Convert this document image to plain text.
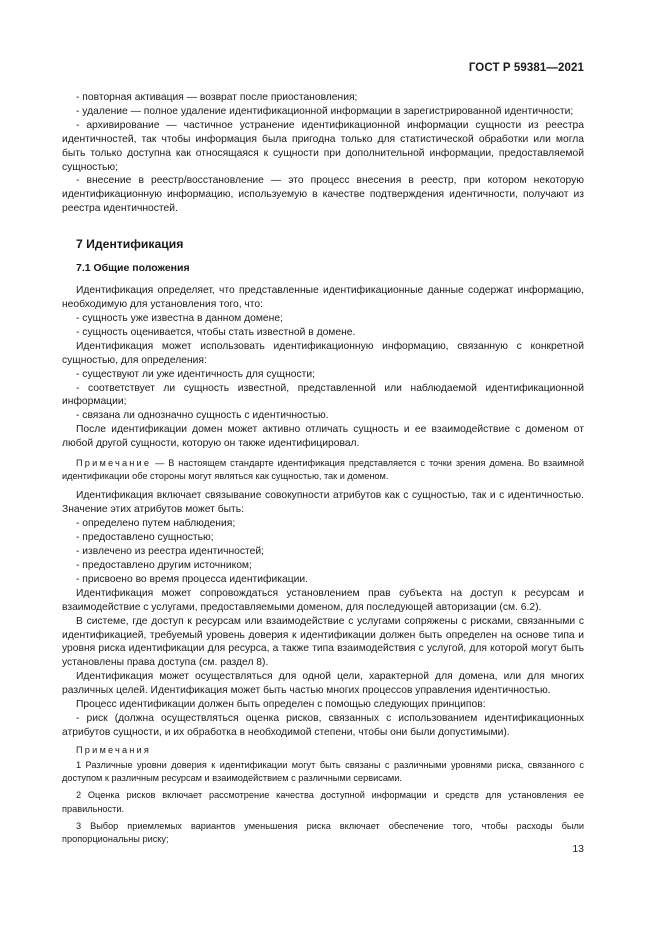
ГОСТ Р 59381—2021

- повторная активация — возврат после приостановления;

- удаление — полное удаление идентификационной информации в зарегистрированной идентичности;

- архивирование — частичное устранение идентификационной информации сущности из реестра идентичностей, так чтобы информация была пригодна только для статистической обработки или могла быть только доступна как относящаяся к сущности при дополнительной информации, предоставляемой сущностью;

- внесение в реестр/восстановление — это процесс внесения в реестр, при котором некоторую идентификационную информацию, используемую в качестве подтверждения идентичности, получают из реестра идентичностей.

7 Идентификация
7.1 Общие положения

Идентификация определяет, что представленные идентификационные данные содержат информацию, необходимую для установления того, что:

- сущность уже известна в данном домене;

- сущность оценивается, чтобы стать известной в домене.

Идентификация может использовать идентификационную информацию, связанную с конкретной сущностью, для определения:

- существуют ли уже идентичность для сущности;

- соответствует ли сущность известной, представленной или наблюдаемой идентификационной информации;

- связана ли однозначно сущность с идентичностью.

После идентификации домен может активно отличать сущность и ее взаимодействие с доменом от любой другой сущности, которую он также идентифицировал.

Примечание — В настоящем стандарте идентификация представляется с точки зрения домена. Во взаимной идентификации обе стороны могут являться как сущностью, так и доменом.

Идентификация включает связывание совокупности атрибутов как с сущностью, так и с идентичностью. Значение этих атрибутов может быть:

- определено путем наблюдения;

- предоставлено сущностью;

- извлечено из реестра идентичностей;

- предоставлено другим источником;

- присвоено во время процесса идентификации.

Идентификация может сопровождаться установлением прав субъекта на доступ к ресурсам и взаимодействие с услугами, предоставляемыми доменом, для последующей авторизации (см. 6.2).

В системе, где доступ к ресурсам или взаимодействие с услугами сопряжены с рисками, связанными с идентификацией, требуемый уровень доверия к идентификации должен быть определен на основе типа и уровня риска идентификации для ресурса, а также типа взаимодействия с услугой, для которой могут быть установлены права доступа (см. раздел 8).

Идентификация может осуществляться для одной цели, характерной для домена, или для многих различных целей. Идентификация может быть частью многих процессов управления идентичностью.

Процесс идентификации должен быть определен с помощью следующих принципов:

- риск (должна осуществляться оценка рисков, связанных с использованием идентификационных атрибутов сущности, и их обработка в необходимой степени, чтобы они были допустимыми).

Примечания

1 Различные уровни доверия к идентификации могут быть связаны с различными уровнями риска, связанного с доступом к различным ресурсам и взаимодействием с различными сервисами.

2 Оценка рисков включает рассмотрение качества доступной информации и средств для установления ее правильности.

3 Выбор приемлемых вариантов уменьшения риска включает обеспечение того, чтобы расходы были пропорциональны риску;

13
